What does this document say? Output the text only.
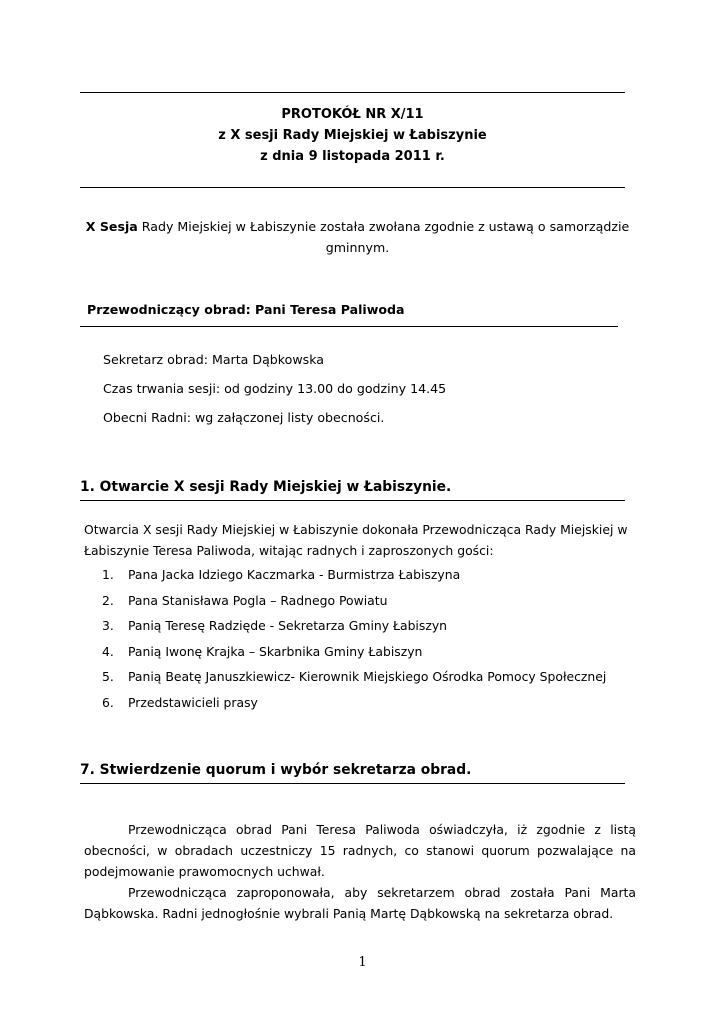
PROTOKÓŁ NR X/11
z X sesji Rady Miejskiej w Łabiszynie
z dnia 9 listopada 2011 r.
X Sesja Rady Miejskiej w Łabiszynie została zwołana zgodnie z ustawą o samorządzie gminnym.
Przewodniczący obrad: Pani Teresa Paliwoda
Sekretarz obrad: Marta Dąbkowska
Czas trwania sesji: od godziny 13.00 do godziny 14.45
Obecni Radni: wg załączonej listy obecności.
1. Otwarcie X sesji Rady Miejskiej w Łabiszynie.
Otwarcia X sesji Rady Miejskiej w Łabiszynie dokonała Przewodnicząca Rady Miejskiej w Łabiszynie Teresa Paliwoda, witając radnych i zaproszonych gości:
1.	Pana Jacka Idziego Kaczmarka - Burmistrza Łabiszyna
2.	Pana Stanisława Pogla – Radnego Powiatu
3.	Panią Teresę Radzięde - Sekretarza Gminy Łabiszyn
4.	Panią Iwonę Krajka – Skarbnika Gminy Łabiszyn
5.	Panią Beatę Januszkiewicz- Kierownik Miejskiego Ośrodka Pomocy Społecznej
6.	Przedstawicieli prasy
7. Stwierdzenie quorum i wybór sekretarza obrad.

Przewodnicząca obrad Pani Teresa Paliwoda oświadczyła, iż zgodnie z listą obecności, w obradach uczestniczy 15 radnych, co stanowi quorum pozwalające na podejmowanie prawomocnych uchwał.

Przewodnicząca zaproponowała, aby sekretarzem obrad została Pani Marta Dąbkowska. Radni jednogłośnie wybrali Panią Martę Dąbkowską na sekretarza obrad.

1
